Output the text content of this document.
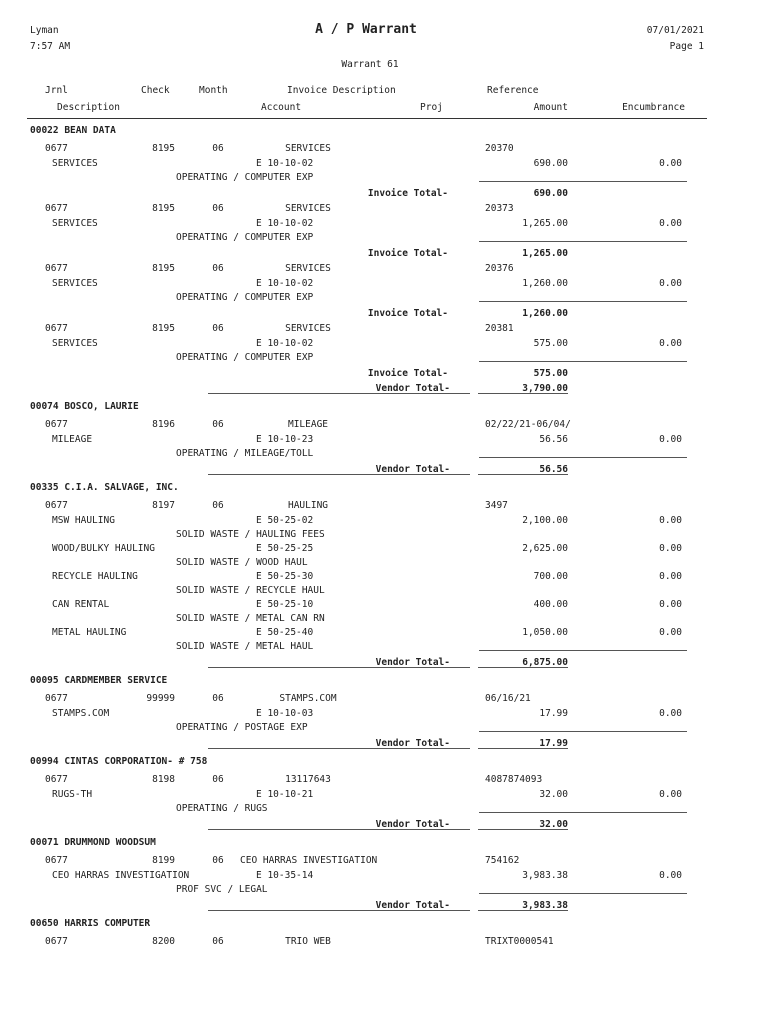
Lyman
7:57 AM
A / P Warrant	07/01/2021
Page 1
Warrant 61
Jrnl	Check	Month	Invoice Description	Reference
Description	Account	Proj	Amount	Encumbrance
00022 BEAN DATA
0677	8195	06	SERVICES	20370
SERVICES	E 10-10-02	690.00	0.00
OPERATING / COMPUTER EXP
Invoice Total-	690.00
0677	8195	06	SERVICES	20373
SERVICES	E 10-10-02	1,265.00	0.00
OPERATING / COMPUTER EXP
Invoice Total-	1,265.00
0677	8195	06	SERVICES	20376
SERVICES	E 10-10-02	1,260.00	0.00
OPERATING / COMPUTER EXP
Invoice Total-	1,260.00
0677	8195	06	SERVICES	20381
SERVICES	E 10-10-02	575.00	0.00
OPERATING / COMPUTER EXP
Invoice Total-	575.00
Vendor Total-	3,790.00
00074 BOSCO, LAURIE
0677	8196	06	MILEAGE	02/22/21-06/04/
MILEAGE	E 10-10-23	56.56	0.00
OPERATING / MILEAGE/TOLL
Vendor Total-	56.56
00335 C.I.A. SALVAGE, INC.
0677	8197	06	HAULING	3497
MSW HAULING	E 50-25-02	2,100.00	0.00
SOLID WASTE / HAULING FEES
WOOD/BULKY HAULING	E 50-25-25	2,625.00	0.00
SOLID WASTE / WOOD HAUL
RECYCLE HAULING	E 50-25-30	700.00	0.00
SOLID WASTE / RECYCLE HAUL
CAN RENTAL	E 50-25-10	400.00	0.00
SOLID WASTE / METAL CAN RN
METAL HAULING	E 50-25-40	1,050.00	0.00
SOLID WASTE / METAL HAUL
Vendor Total-	6,875.00
00095 CARDMEMBER SERVICE
0677	99999	06	STAMPS.COM	06/16/21
STAMPS.COM	E 10-10-03	17.99	0.00
OPERATING / POSTAGE EXP
Vendor Total-	17.99
00994 CINTAS CORPORATION- # 758
0677	8198	06	13117643	4087874093
RUGS-TH	E 10-10-21	32.00	0.00
OPERATING / RUGS
Vendor Total-	32.00
00071 DRUMMOND WOODSUM
0677	8199	06	CEO HARRAS INVESTIGATION	754162
CEO HARRAS INVESTIGATION	E 10-35-14	3,983.38	0.00
PROF SVC / LEGAL
Vendor Total-	3,983.38
00650 HARRIS COMPUTER
0677	8200	06	TRIO WEB	TRIXT0000541
